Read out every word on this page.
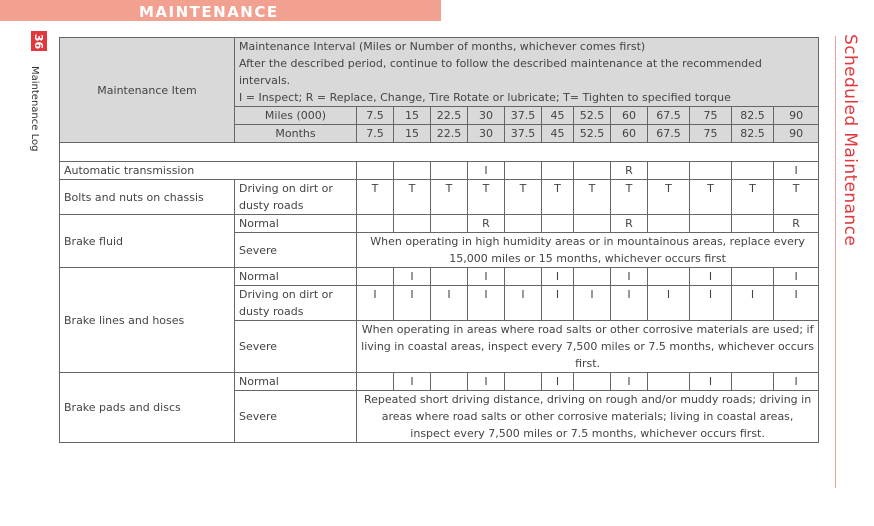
MAINTENANCE
36
Maintenance Log	Scheduled Maintenance
Maintenance Item	Maintenance Interval (Miles or Number of months, whichever comes first)
After the described period, continue to follow the described maintenance at the recommended intervals.
I = Inspect; R = Replace, Change, Tire Rotate or lubricate; T= Tighten to specified torque												

	Miles (000)	7.5	15	22.5	30	37.5	45	52.5	60	67.5	75	82.5	90
	Months	7.5	15	22.5	30	37.5	45	52.5	60	67.5	75	82.5	90

Automatic transmission					I				R				I
Bolts and nuts on chassis	Driving on dirt or dusty roads	T	T	T	T	T	T	T	T	T	T	T	T
Brake fluid	Normal				R				R				R
	Severe	When operating in high humidity areas or in mountainous areas, replace every 15,000 miles or 15 months, whichever occurs first											
Brake lines and hoses	Normal		I		I		I		I		I		I
	Driving on dirt or dusty roads	I	I	I	I	I	I	I	I	I	I	I	I
	Severe	When operating in areas where road salts or other corrosive materials are used; if living in coastal areas, inspect every 7,500 miles or 7.5 months, whichever occurs first.											
Brake pads and discs	Normal		I		I		I		I		I		I
	Severe	Repeated short driving distance, driving on rough and/or muddy roads; driving in areas where road salts or other corrosive materials; living in coastal areas, inspect every 7,500 miles or 7.5 months, whichever occurs first.											
